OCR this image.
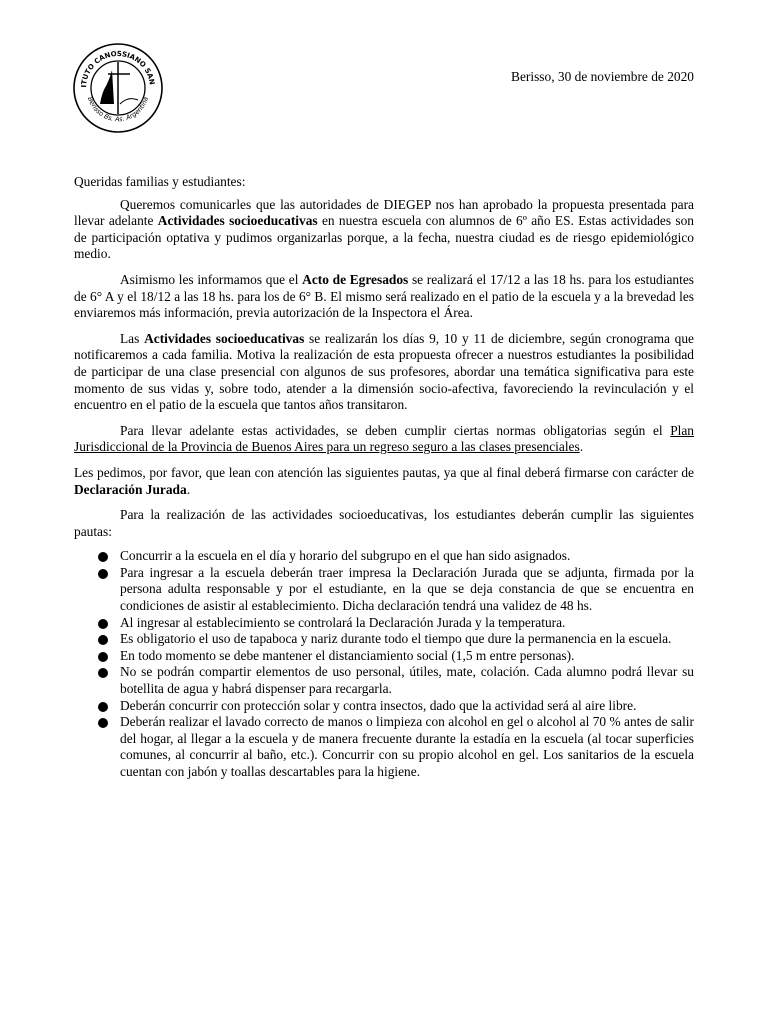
ITUTO CANOSSIANO SAN
Berisso Bs. As. Argentina
Berisso, 30 de noviembre de 2020

Queridas familias y estudiantes:

Queremos comunicarles que las autoridades de DIEGEP nos han aprobado la propuesta presentada para llevar adelante Actividades socioeducativas en nuestra escuela con alumnos de 6º año ES. Estas actividades son de participación optativa y pudimos organizarlas porque, a la fecha, nuestra ciudad es de riesgo epidemiológico medio.

Asimismo les informamos que el Acto de Egresados se realizará el 17/12 a las 18 hs. para los estudiantes de 6° A y el 18/12 a las 18 hs. para los de 6° B. El mismo será realizado en el patio de la escuela y a la brevedad les enviaremos más información, previa autorización de la Inspectora el Área.

Las Actividades socioeducativas se realizarán los días 9, 10 y 11 de diciembre, según cronograma que notificaremos a cada familia. Motiva la realización de esta propuesta ofrecer a nuestros estudiantes la posibilidad de participar de una clase presencial con algunos de sus profesores, abordar una temática significativa para este momento de sus vidas y, sobre todo, atender a la dimensión socio-afectiva, favoreciendo la revinculación y el encuentro en el patio de la escuela que tantos años transitaron.

Para llevar adelante estas actividades, se deben cumplir ciertas normas obligatorias según el Plan Jurisdiccional de la Provincia de Buenos Aires para un regreso seguro a las clases presenciales.

Les pedimos, por favor, que lean con atención las siguientes pautas, ya que al final deberá firmarse con carácter de Declaración Jurada.

Para la realización de las actividades socioeducativas, los estudiantes deberán cumplir las siguientes pautas:

Concurrir a la escuela en el día y horario del subgrupo en el que han sido asignados.
Para ingresar a la escuela deberán traer impresa la Declaración Jurada que se adjunta, firmada por la persona adulta responsable y por el estudiante, en la que se deja constancia de que se encuentra en condiciones de asistir al establecimiento. Dicha declaración tendrá una validez de 48 hs.
Al ingresar al establecimiento se controlará la Declaración Jurada y la temperatura.
Es obligatorio el uso de tapaboca y nariz durante todo el tiempo que dure la permanencia en la escuela.
En todo momento se debe mantener el distanciamiento social (1,5 m entre personas).
No se podrán compartir elementos de uso personal, útiles, mate, colación. Cada alumno podrá llevar su botellita de agua y habrá dispenser para recargarla.
Deberán concurrir con protección solar y contra insectos, dado que la actividad será al aire libre.
Deberán realizar el lavado correcto de manos o limpieza con alcohol en gel o alcohol al 70 % antes de salir del hogar, al llegar a la escuela y de manera frecuente durante la estadía en la escuela (al tocar superficies comunes, al concurrir al baño, etc.). Concurrir con su propio alcohol en gel. Los sanitarios de la escuela cuentan con jabón y toallas descartables para la higiene.
